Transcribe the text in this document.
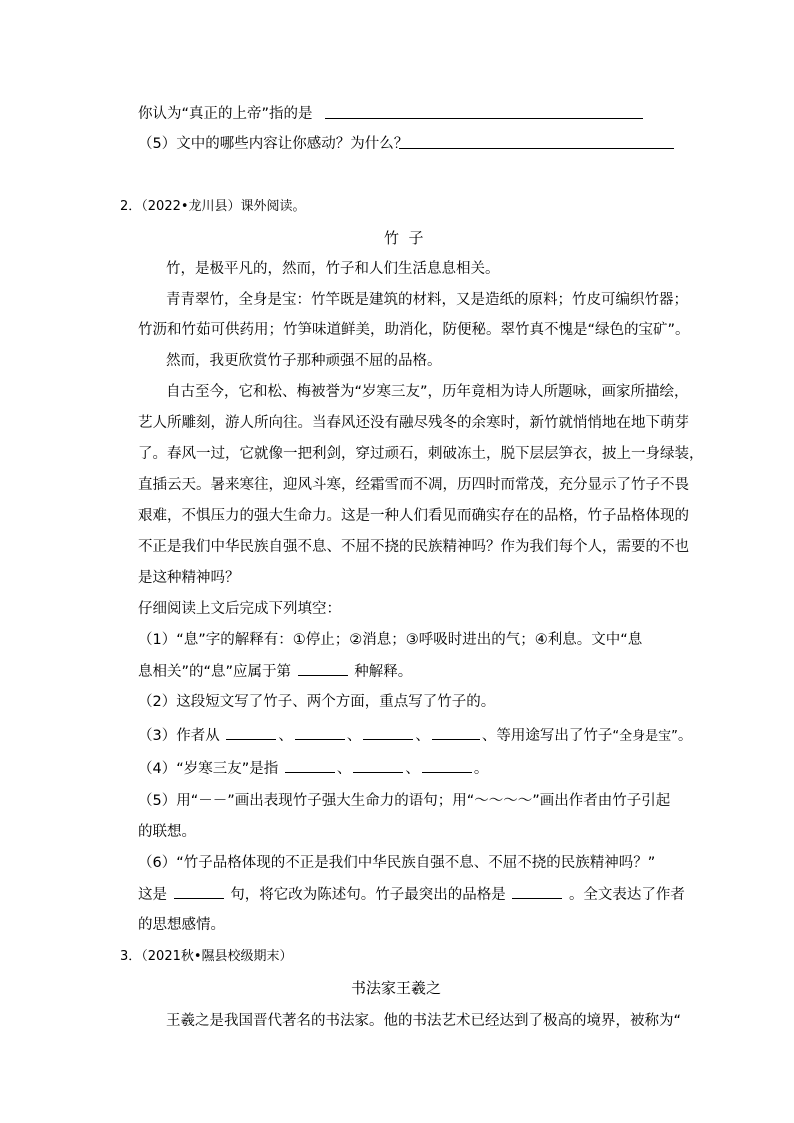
你认为“真正的上帝”指的是
（5）文中的哪些内容让你感动？为什么？
2．（2022•龙川县）课外阅读。
竹  子
竹，是极平凡的，然而，竹子和人们生活息息相关。
青青翠竹，全身是宝：竹竿既是建筑的材料，又是造纸的原料；竹皮可编织竹器；
竹沥和竹茹可供药用；竹笋味道鲜美，助消化，防便秘。翠竹真不愧是“绿色的宝矿”。
然而，我更欣赏竹子那种顽强不屈的品格。
自古至今，它和松、梅被誉为“岁寒三友”，历年竟相为诗人所题咏，画家所描绘，
艺人所雕刻，游人所向往。当春风还没有融尽残冬的余寒时，新竹就悄悄地在地下萌芽
了。春风一过，它就像一把利剑，穿过顽石，刺破冻土，脱下层层笋衣，披上一身绿装，
直插云天。暑来寒往，迎风斗寒，经霜雪而不凋，历四时而常茂，充分显示了竹子不畏
艰难，不惧压力的强大生命力。这是一种人们看见而确实存在的品格，竹子品格体现的
不正是我们中华民族自强不息、不屈不挠的民族精神吗？作为我们每个人，需要的不也
是这种精神吗？
仔细阅读上文后完成下列填空：
（1）“息”字的解释有：①停止；②消息；③呼吸时进出的气；④利息。文中“息
息相关”的“息”应属于第	种解释。
（2）这段短文写了竹子、两个方面，重点写了竹子的。
（3）作者从	、	、	、	、等用途写出了竹子“全身是宝”。
（4）“岁寒三友”是指	、	、	。
（5）用“－－”画出表现竹子强大生命力的语句；用“～～～～”画出作者由竹子引起
的联想。
（6）“竹子品格体现的不正是我们中华民族自强不息、不屈不挠的民族精神吗？”
这是	句，将它改为陈述句。竹子最突出的品格是	。全文表达了作者
的思想感情。
3．（2021秋•隰县校级期末）
书法家王羲之
王羲之是我国晋代著名的书法家。他的书法艺术已经达到了极高的境界，被称为“
